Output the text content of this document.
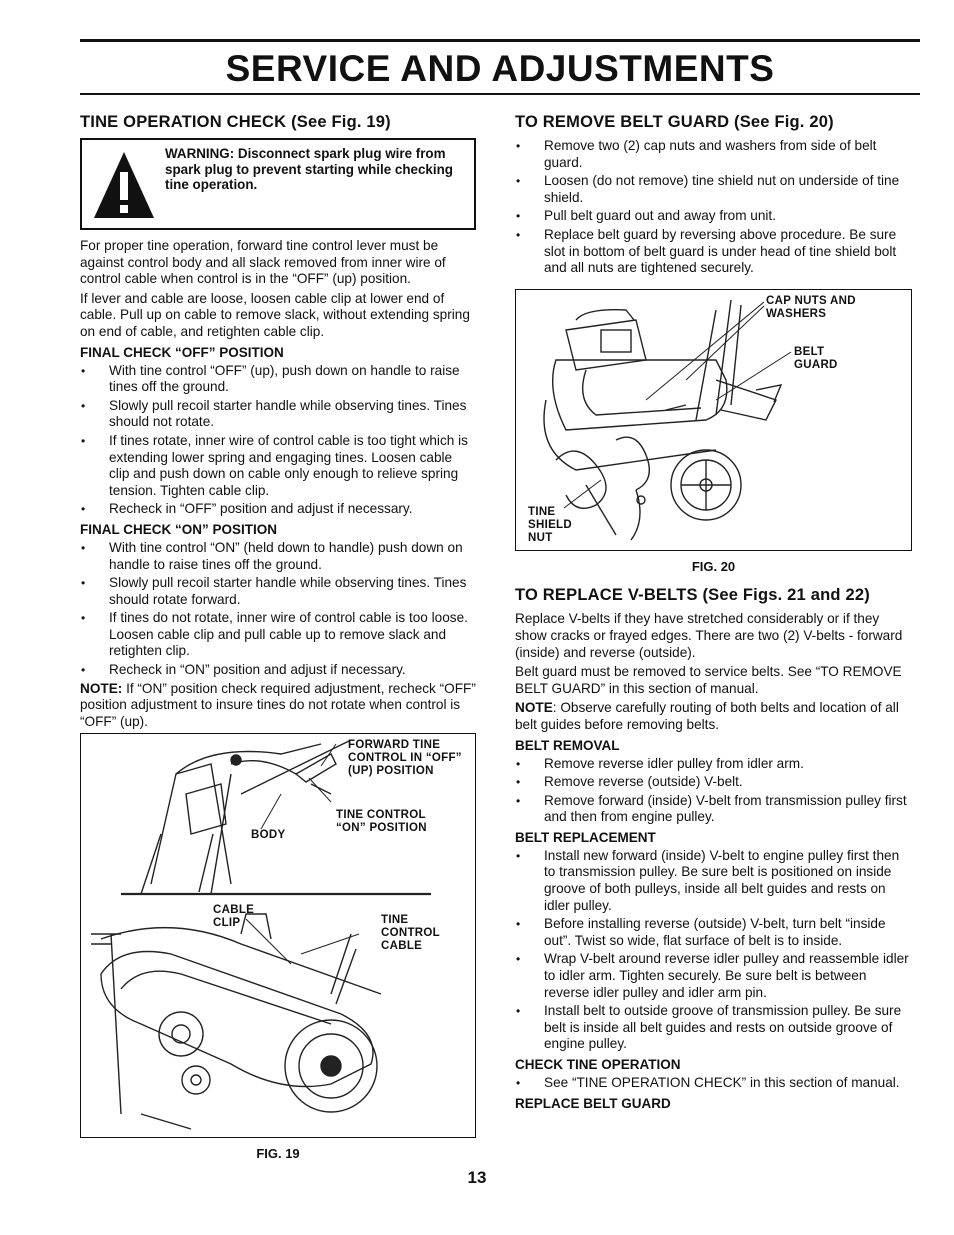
SERVICE AND ADJUSTMENTS
TINE OPERATION CHECK (See Fig. 19)
WARNING: Disconnect spark plug wire from spark plug to prevent starting while checking tine operation.

For proper tine operation, forward tine control lever must be against control body and all slack removed from inner wire of control cable when control is in the “OFF” (up) position.

If lever and cable are loose, loosen cable clip at lower end of cable. Pull up on cable to remove slack, without extending spring on end of cable, and retighten cable clip.

FINAL CHECK “OFF” POSITION
• With tine control “OFF” (up), push down on handle to raise tines off the ground.
• Slowly pull recoil starter handle while observing tines. Tines should not rotate.
• If tines rotate, inner wire of control cable is too tight which is extending lower spring and engaging tines. Loosen cable clip and push down on cable only enough to relieve spring tension. Tighten cable clip.
• Recheck in “OFF” position and adjust if necessary.
FINAL CHECK “ON” POSITION
• With tine control “ON” (held down to handle) push down on handle to raise tines off the ground.
• Slowly pull recoil starter handle while observing tines. Tines should rotate forward.
• If tines do not rotate, inner wire of control cable is too loose. Loosen cable clip and pull cable up to remove slack and retighten clip.
• Recheck in “ON” position and adjust if necessary.

NOTE: If “ON” position check required adjustment, recheck “OFF” position adjustment to insure tines do not rotate when control is “OFF” (up).

FORWARD TINE CONTROL IN “OFF” (UP) POSITION
TINE CONTROL “ON” POSITION
BODY
CABLE CLIP	TINE CONTROL CABLE
FIG. 19
TO REMOVE BELT GUARD (See Fig. 20)
• Remove two (2) cap nuts and washers from side of belt guard.
• Loosen (do not remove) tine shield nut on underside of tine shield.
• Pull belt guard out and away from unit.
• Replace belt guard by reversing above procedure. Be sure slot in bottom of belt guard is under head of tine shield bolt and all nuts are tightened securely.
CAP NUTS AND WASHERS
BELT GUARD
TINE SHIELD NUT
FIG. 20
TO REPLACE V-BELTS (See Figs. 21 and 22)

Replace V-belts if they have stretched considerably or if they show cracks or frayed edges. There are two (2) V-belts - forward (inside) and reverse (outside).

Belt guard must be removed to service belts. See “TO REMOVE BELT GUARD” in this section of manual.

NOTE: Observe carefully routing of both belts and location of all belt guides before removing belts.

BELT REMOVAL
• Remove reverse idler pulley from idler arm.
• Remove reverse (outside) V-belt.
• Remove forward (inside) V-belt from transmission pulley first and then from engine pulley.
BELT REPLACEMENT
• Install new forward (inside) V-belt to engine pulley first then to transmission pulley. Be sure belt is positioned on inside groove of both pulleys, inside all belt guides and rests on idler pulley.
• Before installing reverse (outside) V-belt, turn belt “inside out”. Twist so wide, flat surface of belt is to inside.
• Wrap V-belt around reverse idler pulley and reassemble idler to idler arm. Tighten securely. Be sure belt is between reverse idler pulley and idler arm pin.
• Install belt to outside groove of transmission pulley. Be sure belt is inside all belt guides and rests on outside groove of engine pulley.
CHECK TINE OPERATION
• See “TINE OPERATION CHECK” in this section of manual.
REPLACE BELT GUARD
13
